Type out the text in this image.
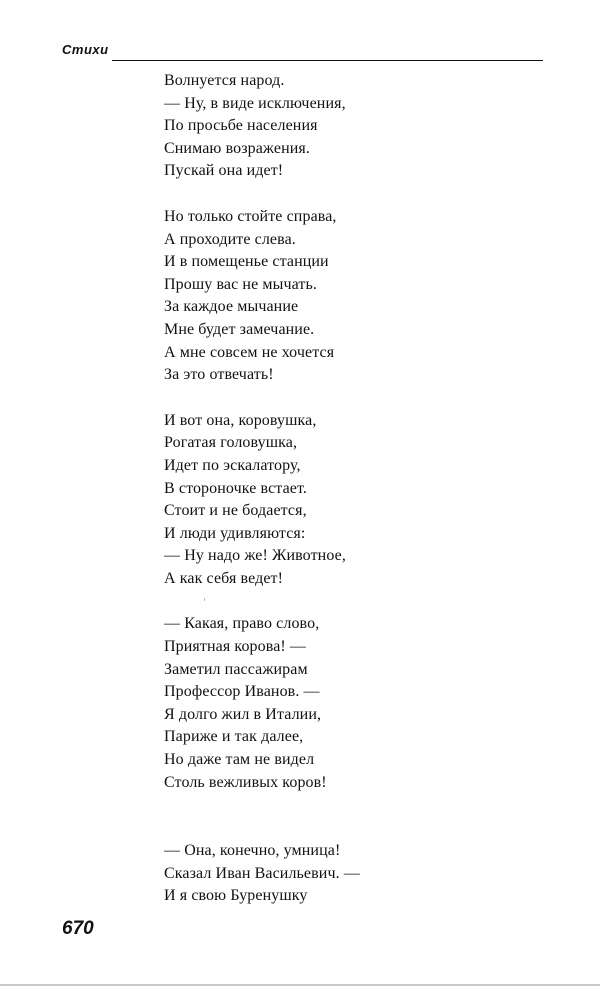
Стихи
Волнуется народ.
— Ну, в виде исключения,
По просьбе населения
Снимаю возражения.
Пускай она идет!
Но только стойте справа,
А проходите слева.
И в помещенье станции
Прошу вас не мычать.
За каждое мычание
Мне будет замечание.
А мне совсем не хочется
За это отвечать!
И вот она, коровушка,
Рогатая головушка,
Идет по эскалатору,
В стороночке встает.
Стоит и не бодается,
И люди удивляются:
— Ну надо же! Животное,
А как себя ведет!
— Какая, право слово,
Приятная корова! —
Заметил пассажирам
Профессор Иванов. —
Я долго жил в Италии,
Париже и так далее,
Но даже там не видел
Столь вежливых коров!
— Она, конечно, умница!
Сказал Иван Васильевич. —
И я свою Буренушку
670
